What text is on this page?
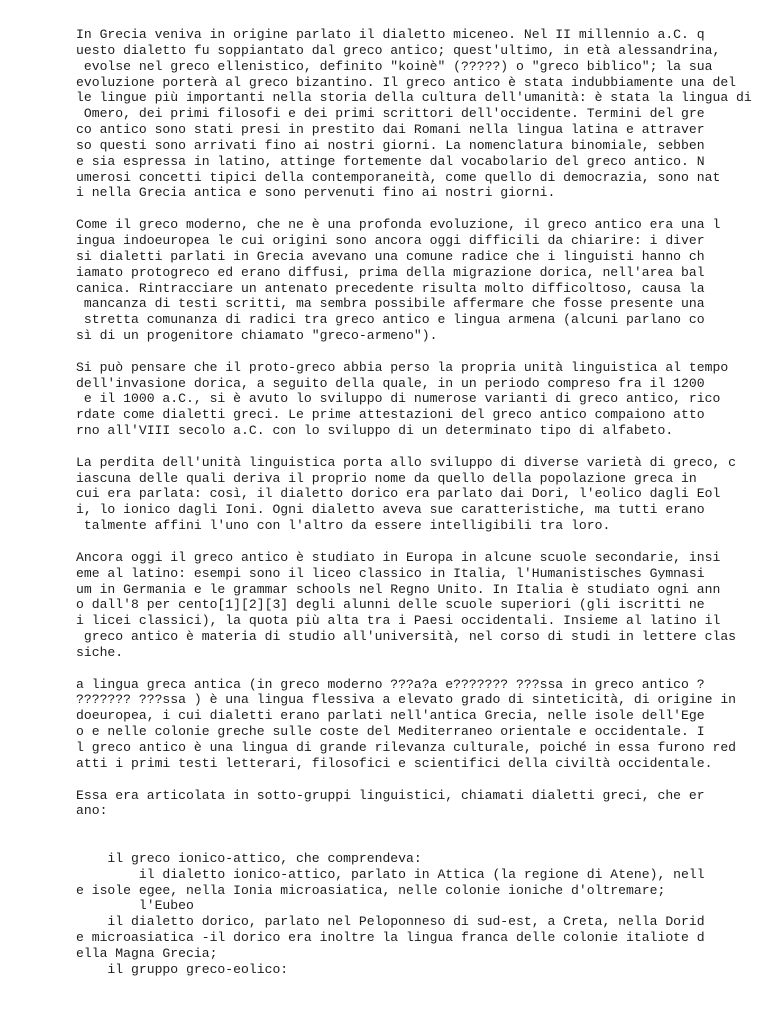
In Grecia veniva in origine parlato il dialetto miceneo. Nel II millennio a.C. q
uesto dialetto fu soppiantato dal greco antico; quest'ultimo, in età alessandrina,
evolse nel greco ellenistico, definito "koinè" (?????) o "greco biblico"; la sua
evoluzione porterà al greco bizantino. Il greco antico è stata indubbiamente una del
le lingue più importanti nella storia della cultura dell'umanità: è stata la lingua di
Omero, dei primi filosofi e dei primi scrittori dell'occidente. Termini del gre
co antico sono stati presi in prestito dai Romani nella lingua latina e attraver
so questi sono arrivati fino ai nostri giorni. La nomenclatura binomiale, sebben
e sia espressa in latino, attinge fortemente dal vocabolario del greco antico. N
umerosi concetti tipici della contemporaneità, come quello di democrazia, sono nat
i nella Grecia antica e sono pervenuti fino ai nostri giorni.
Come il greco moderno, che ne è una profonda evoluzione, il greco antico era una l
ingua indoeuropea le cui origini sono ancora oggi difficili da chiarire: i diver
si dialetti parlati in Grecia avevano una comune radice che i linguisti hanno ch
iamato protogreco ed erano diffusi, prima della migrazione dorica, nell'area bal
canica. Rintracciare un antenato precedente risulta molto difficoltoso, causa la
mancanza di testi scritti, ma sembra possibile affermare che fosse presente una
stretta comunanza di radici tra greco antico e lingua armena (alcuni parlano co
sì di un progenitore chiamato "greco-armeno").
Si può pensare che il proto-greco abbia perso la propria unità linguistica al tempo
dell'invasione dorica, a seguito della quale, in un periodo compreso fra il 1200
e il 1000 a.C., si è avuto lo sviluppo di numerose varianti di greco antico, rico
rdate come dialetti greci. Le prime attestazioni del greco antico compaiono atto
rno all'VIII secolo a.C. con lo sviluppo di un determinato tipo di alfabeto.
La perdita dell'unità linguistica porta allo sviluppo di diverse varietà di greco, c
iascuna delle quali deriva il proprio nome da quello della popolazione greca in
cui era parlata: così, il dialetto dorico era parlato dai Dori, l'eolico dagli Eol
i, lo ionico dagli Ioni. Ogni dialetto aveva sue caratteristiche, ma tutti erano
talmente affini l'uno con l'altro da essere intelligibili tra loro.
Ancora oggi il greco antico è studiato in Europa in alcune scuole secondarie, insi
eme al latino: esempi sono il liceo classico in Italia, l'Humanistisches Gymnasi
um in Germania e le grammar schools nel Regno Unito. In Italia è studiato ogni ann
o dall'8 per cento[1][2][3] degli alunni delle scuole superiori (gli iscritti ne
i licei classici), la quota più alta tra i Paesi occidentali. Insieme al latino il
greco antico è materia di studio all'università, nel corso di studi in lettere clas
siche.
a lingua greca antica (in greco moderno ???a?a e??????? ???ssa in greco antico ?
??????? ???ssa ) è una lingua flessiva a elevato grado di sinteticità, di origine in
doeuropea, i cui dialetti erano parlati nell'antica Grecia, nelle isole dell'Ege
o e nelle colonie greche sulle coste del Mediterraneo orientale e occidentale. I
l greco antico è una lingua di grande rilevanza culturale, poiché in essa furono red
atti i primi testi letterari, filosofici e scientifici della civiltà occidentale.
Essa era articolata in sotto-gruppi linguistici, chiamati dialetti greci, che er
ano:
il greco ionico-attico, che comprendeva:
il dialetto ionico-attico, parlato in Attica (la regione di Atene), nell
e isole egee, nella Ionia microasiatica, nelle colonie ioniche d'oltremare;
l'Eubeo
il dialetto dorico, parlato nel Peloponneso di sud-est, a Creta, nella Dorid
e microasiatica -il dorico era inoltre la lingua franca delle colonie italiote d
ella Magna Grecia;
il gruppo greco-eolico:
